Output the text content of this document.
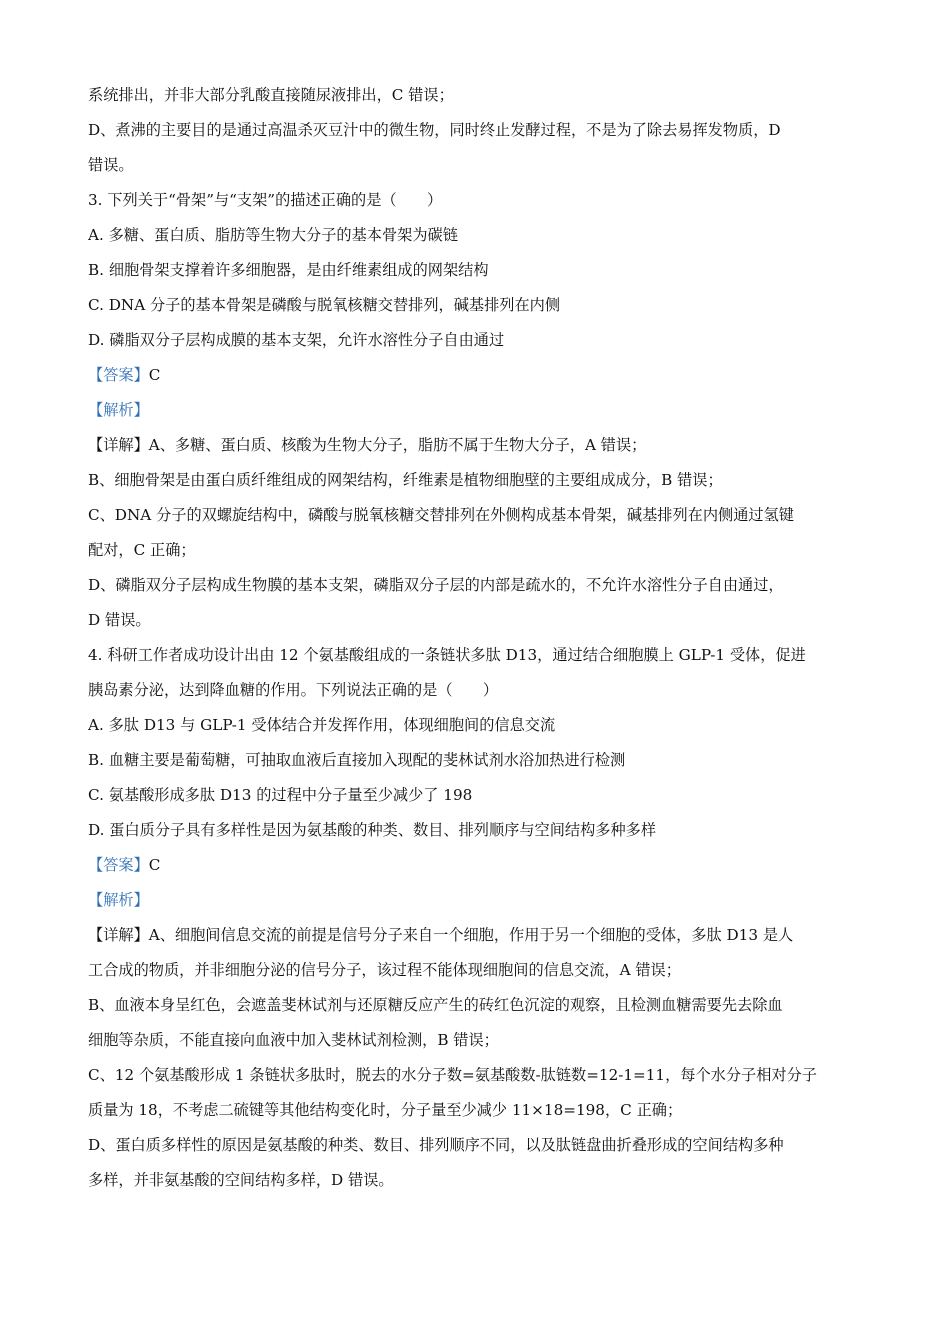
系统排出，并非大部分乳酸直接随尿液排出，C 错误；
D、煮沸的主要目的是通过高温杀灭豆汁中的微生物，同时终止发酵过程，不是为了除去易挥发物质，D
错误。
3. 下列关于“骨架”与“支架”的描述正确的是（　　）
A. 多糖、蛋白质、脂肪等生物大分子的基本骨架为碳链
B. 细胞骨架支撑着许多细胞器，是由纤维素组成的网架结构
C. DNA 分子的基本骨架是磷酸与脱氧核糖交替排列，碱基排列在内侧
D. 磷脂双分子层构成膜的基本支架，允许水溶性分子自由通过
【答案】C
【解析】
【详解】A、多糖、蛋白质、核酸为生物大分子，脂肪不属于生物大分子，A 错误；
B、细胞骨架是由蛋白质纤维组成的网架结构，纤维素是植物细胞壁的主要组成成分，B 错误；
C、DNA 分子的双螺旋结构中，磷酸与脱氧核糖交替排列在外侧构成基本骨架，碱基排列在内侧通过氢键
配对，C 正确；
D、磷脂双分子层构成生物膜的基本支架，磷脂双分子层的内部是疏水的，不允许水溶性分子自由通过，
D 错误。
4. 科研工作者成功设计出由 12 个氨基酸组成的一条链状多肽 D13，通过结合细胞膜上 GLP-1 受体，促进
胰岛素分泌，达到降血糖的作用。下列说法正确的是（　　）
A. 多肽 D13 与 GLP-1 受体结合并发挥作用，体现细胞间的信息交流
B. 血糖主要是葡萄糖，可抽取血液后直接加入现配的斐林试剂水浴加热进行检测
C. 氨基酸形成多肽 D13 的过程中分子量至少减少了 198
D. 蛋白质分子具有多样性是因为氨基酸的种类、数目、排列顺序与空间结构多种多样
【答案】C
【解析】
【详解】A、细胞间信息交流的前提是信号分子来自一个细胞，作用于另一个细胞的受体，多肽 D13 是人
工合成的物质，并非细胞分泌的信号分子，该过程不能体现细胞间的信息交流，A 错误；
B、血液本身呈红色，会遮盖斐林试剂与还原糖反应产生的砖红色沉淀的观察，且检测血糖需要先去除血
细胞等杂质，不能直接向血液中加入斐林试剂检测，B 错误；
C、12 个氨基酸形成 1 条链状多肽时，脱去的水分子数=氨基酸数-肽链数=12-1=11，每个水分子相对分子
质量为 18，不考虑二硫键等其他结构变化时，分子量至少减少 11×18=198，C 正确；
D、蛋白质多样性的原因是氨基酸的种类、数目、排列顺序不同，以及肽链盘曲折叠形成的空间结构多种
多样，并非氨基酸的空间结构多样，D 错误。
